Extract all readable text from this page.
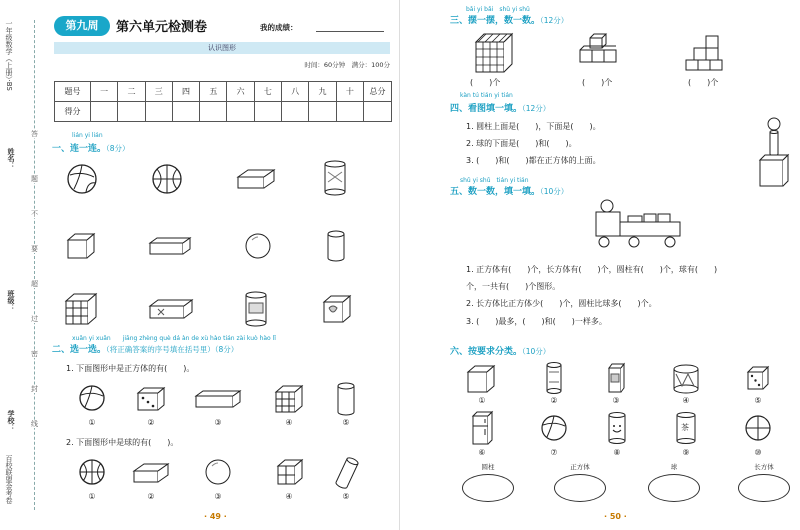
一年级数学（上册）·BS
姓名：
班级：
学校：
百校联盟金考卷
答
题
不
要
超
过
密
封
线
第九周	第六单元检测卷	我的成绩：
认识图形
时间：60分钟　满分：100分
题号	一	二	三	四	五	六	七	八	九	十	总分
得分											
lián yi lián
一、连一连。（8分）
xuǎn yi xuǎn　　jiāng zhèng què dá àn de xù hào tián zài kuò hào lǐ
二、选一选。（将正确答案的序号填在括号里）（8分）
1. 下面图形中是正方体的有(　　)。
①	②	③	④	⑤
2. 下面图形中是球的有(　　)。
①	②	③	④	⑤
· 49 ·
bǎi yi bǎi　shǔ yi shǔ
三、摆一摆，数一数。（12分）
(　　)个	(　　)个	(　　)个
kàn tú tián yi tián
四、看图填一填。（12分）
1. 圆柱上面是(　　)，下面是(　　)。
2. 球的下面是(　　)和(　　)。
3. (　　)和(　　)都在正方体的上面。
shǔ yi shǔ　tián yi tián
五、数一数，填一填。（10分）
1. 正方体有(　　)个，长方体有(　　)个，圆柱有(　　)个，球有(　　)
个，一共有(　　)个图形。
2. 长方体比正方体少(　　)个，圆柱比球多(　　)个。
3. (　　)最多，(　　)和(　　)一样多。
六、按要求分类。（10分）
①	②	③	④	⑤
茶
⑥	⑦	⑧	⑨	⑩
圆柱	正方体	球	长方体
· 50 ·
